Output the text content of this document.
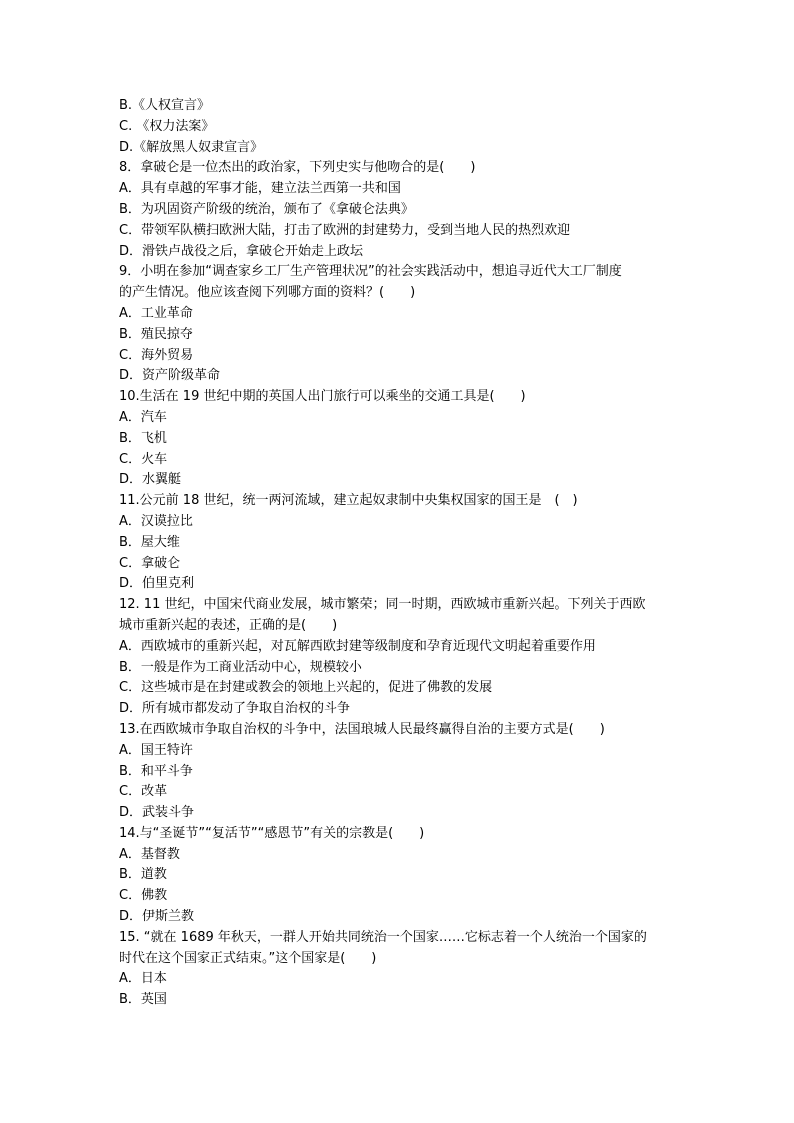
B.《人权宣言》
C. 《权力法案》
D.《解放黑人奴隶宣言》
8．拿破仑是一位杰出的政治家，下列史实与他吻合的是(　　)
A．具有卓越的军事才能，建立法兰西第一共和国
B．为巩固资产阶级的统治，颁布了《拿破仑法典》
C．带领军队横扫欧洲大陆，打击了欧洲的封建势力，受到当地人民的热烈欢迎
D．滑铁卢战役之后，拿破仑开始走上政坛
9．小明在参加“调查家乡工厂生产管理状况”的社会实践活动中，想追寻近代大工厂制度
的产生情况。他应该查阅下列哪方面的资料？(　　)
A．工业革命
B．殖民掠夺
C．海外贸易
D．资产阶级革命
10.生活在 19 世纪中期的英国人出门旅行可以乘坐的交通工具是(　　)
A．汽车
B．飞机
C．火车
D．水翼艇
11.公元前 18 世纪，统一两河流域，建立起奴隶制中央集权国家的国王是　(　)
A．汉谟拉比
B．屋大维
C．拿破仑
D．伯里克利
12. 11 世纪，中国宋代商业发展，城市繁荣；同一时期，西欧城市重新兴起。下列关于西欧
城市重新兴起的表述，正确的是(　　)
A．西欧城市的重新兴起，对瓦解西欧封建等级制度和孕育近现代文明起着重要作用
B．一般是作为工商业活动中心，规模较小
C．这些城市是在封建或教会的领地上兴起的，促进了佛教的发展
D．所有城市都发动了争取自治权的斗争
13.在西欧城市争取自治权的斗争中，法国琅城人民最终赢得自治的主要方式是(　　)
A．国王特许
B．和平斗争
C．改革
D．武装斗争
14.与“圣诞节”“复活节”“感恩节”有关的宗教是(　　)
A．基督教
B．道教
C．佛教
D．伊斯兰教
15. “就在 1689 年秋天，一群人开始共同统治一个国家……它标志着一个人统治一个国家的
时代在这个国家正式结束。”这个国家是(　　)
A．日本
B．英国
